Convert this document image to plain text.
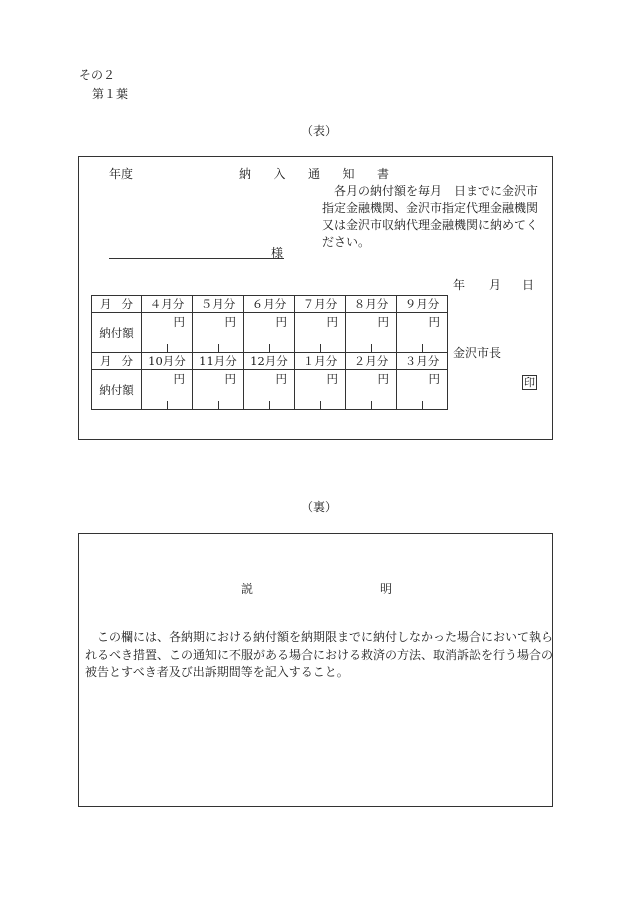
その２
第１葉
（表）
年度	納 入 通 知 書
各月の納付額を毎月　日までに金沢市
指定金融機関、金沢市指定代理金融機関
又は金沢市収納代理金融機関に納めてく
ださい。
様
年 月 日
月 分	４月分	５月分	６月分	７月分	８月分	９月分
納付額	円	円	円	円	円	円

月 分	10月分	11月分	12月分	１月分	２月分	３月分
納付額	円	円	円	円	円	円
金沢市長
印
（裏）
説	明
この欄には、各納期における納付額を納期限までに納付しなかった場合において執ら
れるべき措置、この通知に不服がある場合における救済の方法、取消訴訟を行う場合の
被告とすべき者及び出訴期間等を記入すること。
